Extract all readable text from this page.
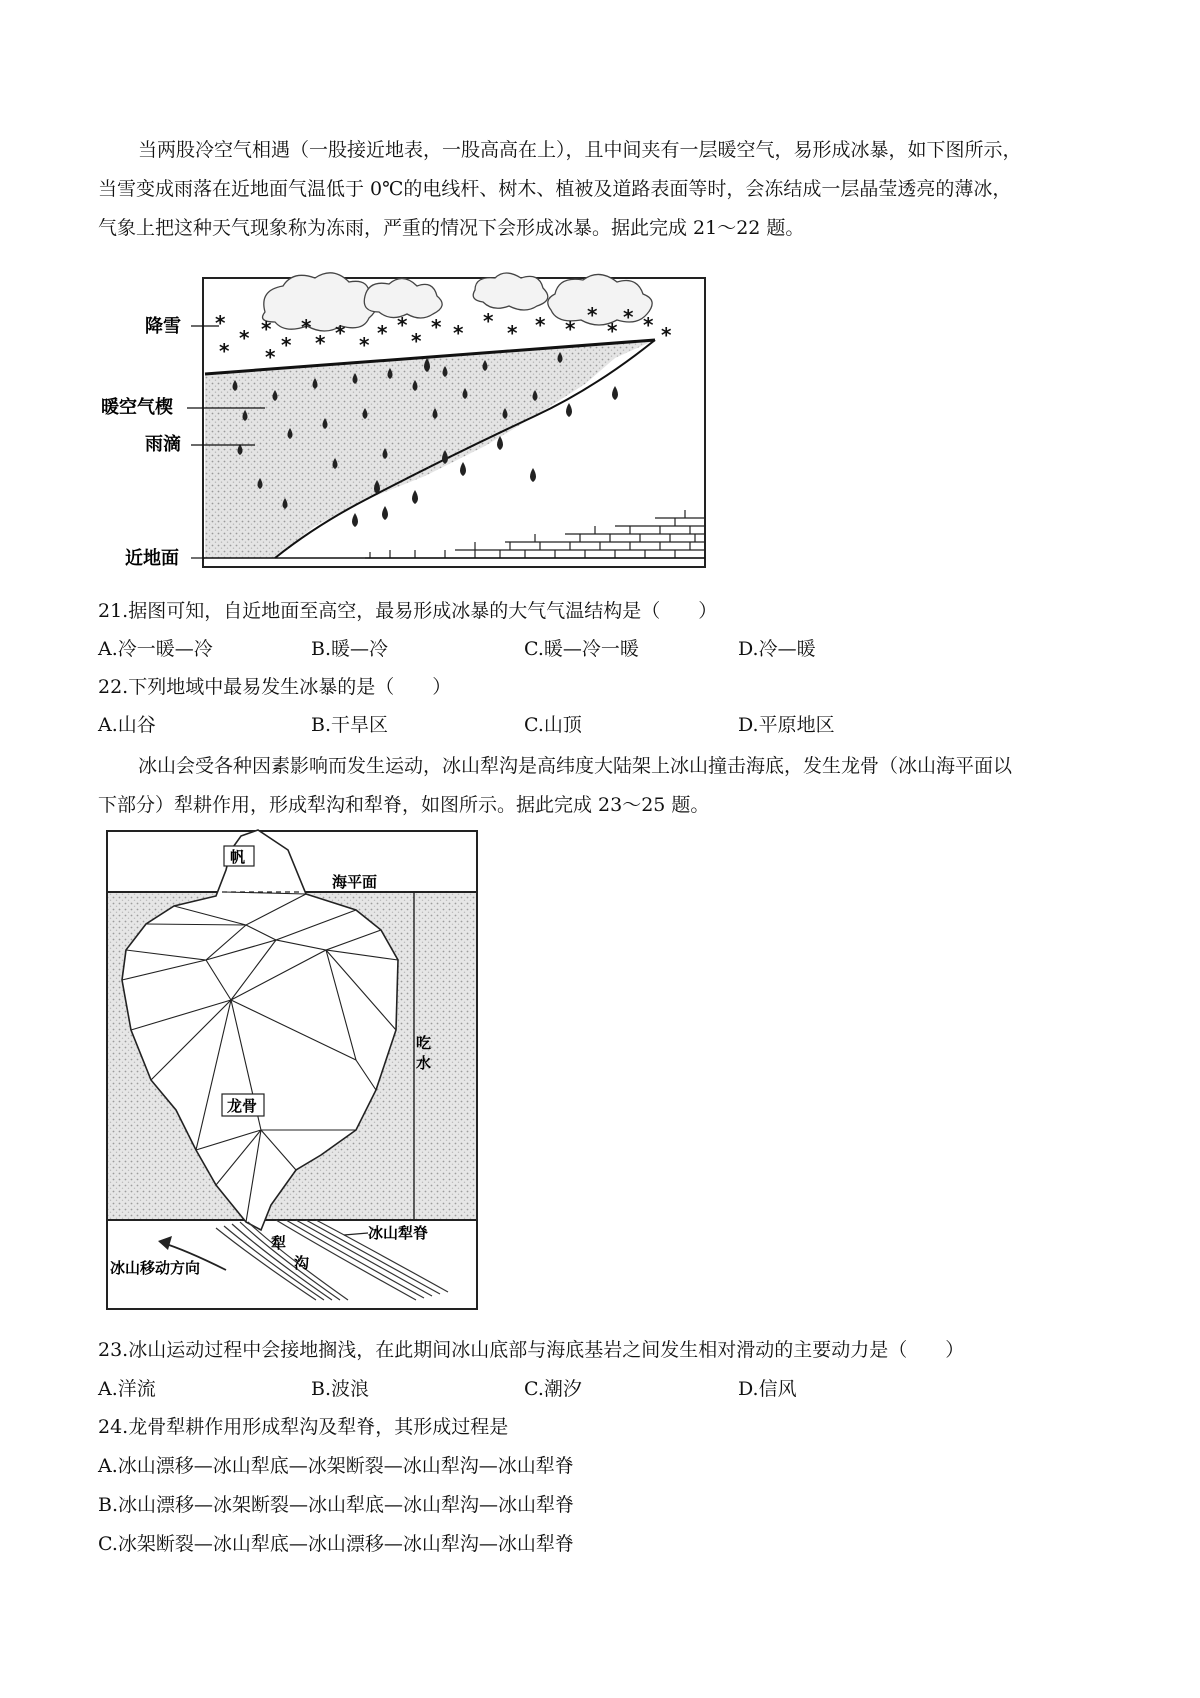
当两股冷空气相遇（一股接近地表，一股高高在上），且中间夹有一层暖空气，易形成冰暴，如下图所示，
当雪变成雨落在近地面气温低于 0℃的电线杆、树木、植被及道路表面等时，会冻结成一层晶莹透亮的薄冰，
气象上把这种天气现象称为冻雨，严重的情况下会形成冰暴。据此完成 21～22 题。
*
*
*
*
*
*
*
* * * * *
*
* * * * * *
*
*
* * *
降雪
暖空气楔
雨滴
近地面
21.据图可知，自近地面至高空，最易形成冰暴的大气气温结构是（　　）
A.冷一暖—冷	B.暖—冷	C.暖—冷一暖	D.冷—暖
22.下列地域中最易发生冰暴的是（　　）
A.山谷	B.干旱区	C.山顶	D.平原地区
冰山会受各种因素影响而发生运动，冰山犁沟是高纬度大陆架上冰山撞击海底，发生龙骨（冰山海平面以
下部分）犁耕作用，形成犁沟和犁脊，如图所示。据此完成 23～25 题。
帆
海平面
吃
水
龙骨
冰山犁脊
犁
沟
冰山移动方向
23.冰山运动过程中会接地搁浅，在此期间冰山底部与海底基岩之间发生相对滑动的主要动力是（　　）
A.洋流	B.波浪	C.潮汐	D.信风
24.龙骨犁耕作用形成犁沟及犁脊，其形成过程是
A.冰山漂移—冰山犁底—冰架断裂—冰山犁沟—冰山犁脊
B.冰山漂移—冰架断裂—冰山犁底—冰山犁沟—冰山犁脊
C.冰架断裂—冰山犁底—冰山漂移—冰山犁沟—冰山犁脊
